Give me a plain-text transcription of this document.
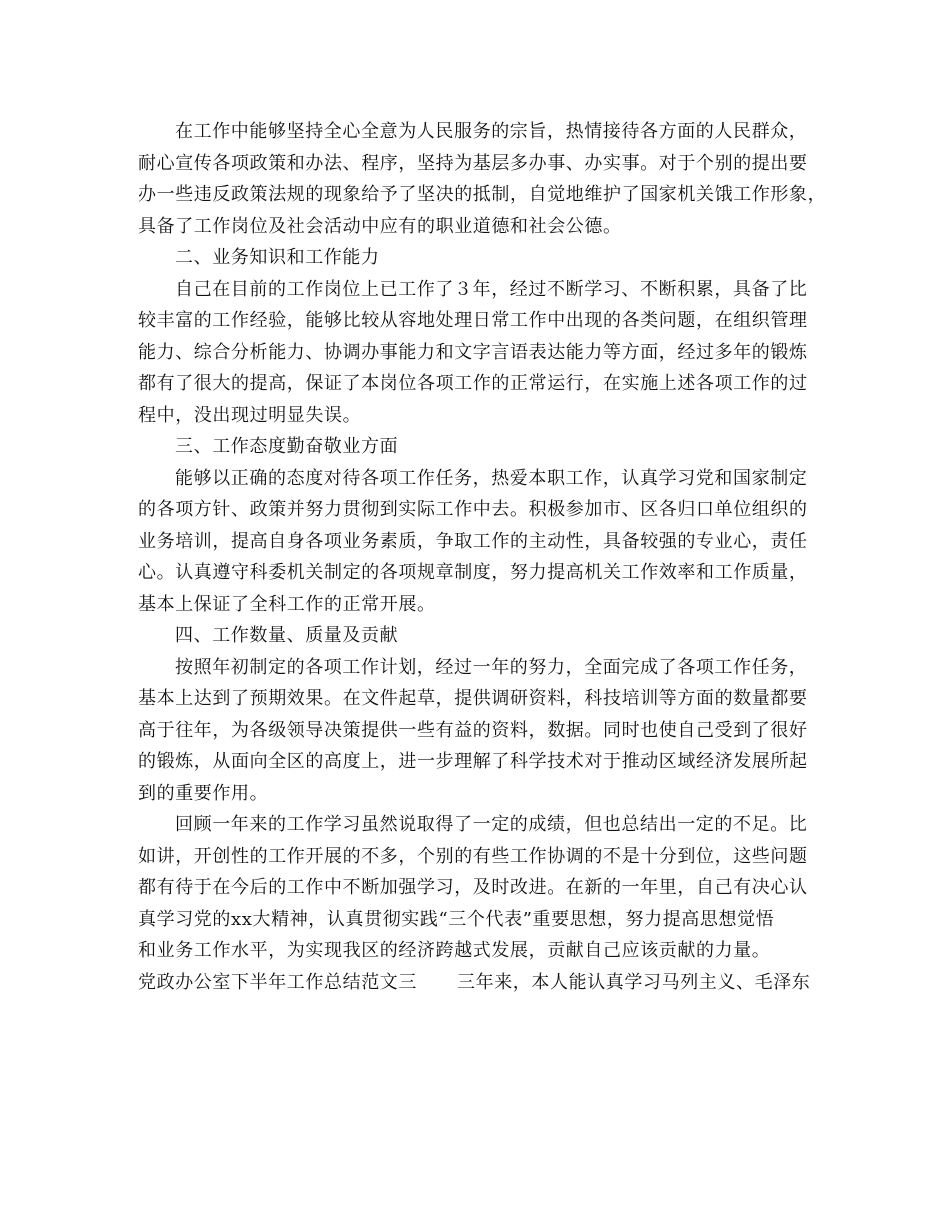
在工作中能够坚持全心全意为人民服务的宗旨，热情接待各方面的人民群众，
耐心宣传各项政策和办法、程序，坚持为基层多办事、办实事。对于个别的提出要
办一些违反政策法规的现象给予了坚决的抵制，自觉地维护了国家机关饿工作形象，
具备了工作岗位及社会活动中应有的职业道德和社会公德。
二、业务知识和工作能力
自己在目前的工作岗位上已工作了３年，经过不断学习、不断积累，具备了比
较丰富的工作经验，能够比较从容地处理日常工作中出现的各类问题，在组织管理
能力、综合分析能力、协调办事能力和文字言语表达能力等方面，经过多年的锻炼
都有了很大的提高，保证了本岗位各项工作的正常运行，在实施上述各项工作的过
程中，没出现过明显失误。
三、工作态度勤奋敬业方面
能够以正确的态度对待各项工作任务，热爱本职工作，认真学习党和国家制定
的各项方针、政策并努力贯彻到实际工作中去。积极参加市、区各归口单位组织的
业务培训，提高自身各项业务素质，争取工作的主动性，具备较强的专业心，责任
心。认真遵守科委机关制定的各项规章制度，努力提高机关工作效率和工作质量，
基本上保证了全科工作的正常开展。
四、工作数量、质量及贡献
按照年初制定的各项工作计划，经过一年的努力，全面完成了各项工作任务，
基本上达到了预期效果。在文件起草，提供调研资料，科技培训等方面的数量都要
高于往年，为各级领导决策提供一些有益的资料，数据。同时也使自己受到了很好
的锻炼，从面向全区的高度上，进一步理解了科学技术对于推动区域经济发展所起
到的重要作用。
回顾一年来的工作学习虽然说取得了一定的成绩，但也总结出一定的不足。比
如讲，开创性的工作开展的不多，个别的有些工作协调的不是十分到位，这些问题
都有待于在今后的工作中不断加强学习，及时改进。在新的一年里，自己有决心认
真学习党的xx大精神，认真贯彻实践“三个代表”重要思想，努力提高思想觉悟
和业务工作水平，为实现我区的经济跨越式发展，贡献自己应该贡献的力量。
党政办公室下半年工作总结范文三 三年来，本人能认真学习马列主义、毛泽东
